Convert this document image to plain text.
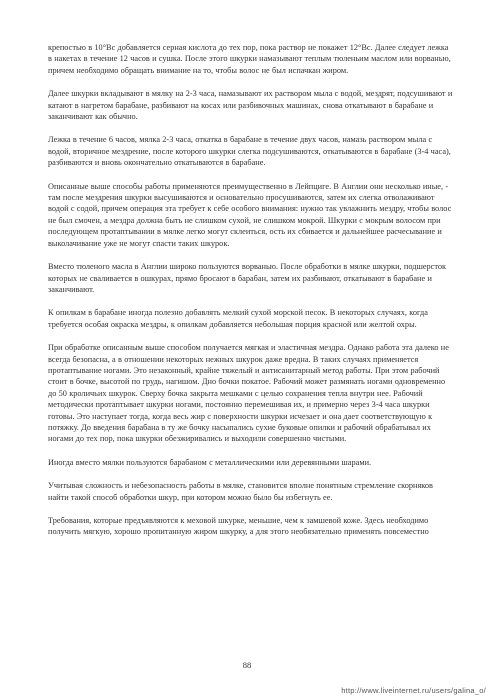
крепостью в 10°Вс добавляется серная кислота до тех пор, пока раствор не покажет 12°Вс. Далее следует лежка в накетах в течение 12 часов и сушка. После этого шкурки намазывают теплым тюленьим маслом или ворванью, причем необходимо обращать внимание на то, чтобы волос не был испачкан жиром.

Далее шкурки вкладывают в мялку на 2-3 часа, намазывают их раствором мыла с водой, мездрят, подсушивают и катают в нагретом барабане, разбивают на косах или разбивочных машинах, снова откатывают в барабане и заканчивают как обычно.

Лежка в течение 6 часов, мялка 2-3 часа, откатка в барабане в течение двух часов, намазь раствором мыла с водой, вторичное мездрение, после которого шкурки слегка подсушиваются, откатываются в барабане (3-4 часа), разбиваются и вновь окончательно откатываются в барабане.

Описанные выше способы работы применяются преимущественно в Лейпциге. В Англии они несколько иные, - там после мездрения шкурки высушиваются и основательно просушиваются, затем их слегка отволаживают водой с содой, причем операция эта требует к себе особого внимания: нужно так увлажнить мездру, чтобы волос не был смочен, а мездра должна быть не слишком сухой, не слишком мокрой. Шкурки с мокрым волосом при последующем протаптывании в мялке легко могут склеиться, ость их сбивается и дальнейшее расчесывание и выколачивание уже не могут спасти таких шкурок.

Вместо тюленого масла в Англии широко пользуются ворванью. После обработки в мялке шкурки, подшерсток которых не сваливается в ошкурах, прямо бросают в барабан, затем их разбивают, откатывают в барабане и заканчивают.

К опилкам в барабане иногда полезно добавлять мелкий сухой морской песок. В некоторых случаях, когда требуется особая окраска мездры, к опилкам добавляется небольшая порция красной или желтой охры.

При обработке описанным выше способом получается мягкая и эластичная мездра. Однако работа эта далеко не всегда безопасна, а в отношении некоторых нежных шкурок даже вредна. В таких случаях применяется протаптывание ногами. Это незаконный, крайне тяжелый и антисанитарный метод работы. При этом рабочий стоит в бочке, высотой по грудь, нагишом. Дно бочки покатое. Рабочий может размянать ногами одновременно до 50 кроличьих шкурок. Сверху бочка закрыта мешками с целью сохранения тепла внутри нее. Рабочий методически протаптывает шкурки ногами, постоянно перемешивая их, и примерно через 3-4 часа шкурки готовы. Это наступает тогда, когда весь жир с поверхности шкурки исчезает и она дает соответствующую к потяжку. До введения барабана в ту же бочку насыпались сухие буковые опилки и рабочий обрабатывал их ногами до тех пор, пока шкурки обезжиривались и выходили совершенно чистыми.

Иногда вместо мялки пользуются барабаном с металлическими или деревянными шарами.

Учитывая сложность и небезопасность работы в мялке, становится вполне понятным стремление скорняков найти такой способ обработки шкур, при котором можно было бы избегнуть ее.

Требования, которые предъявляются к меховой шкурке, меньшие, чем к замшевой коже. Здесь необходимо получить мягкую, хорошо пропитанную жиром шкурку, а для этого необязательно применять повсеместно

88
http://www.liveinternet.ru/users/galina_o/
